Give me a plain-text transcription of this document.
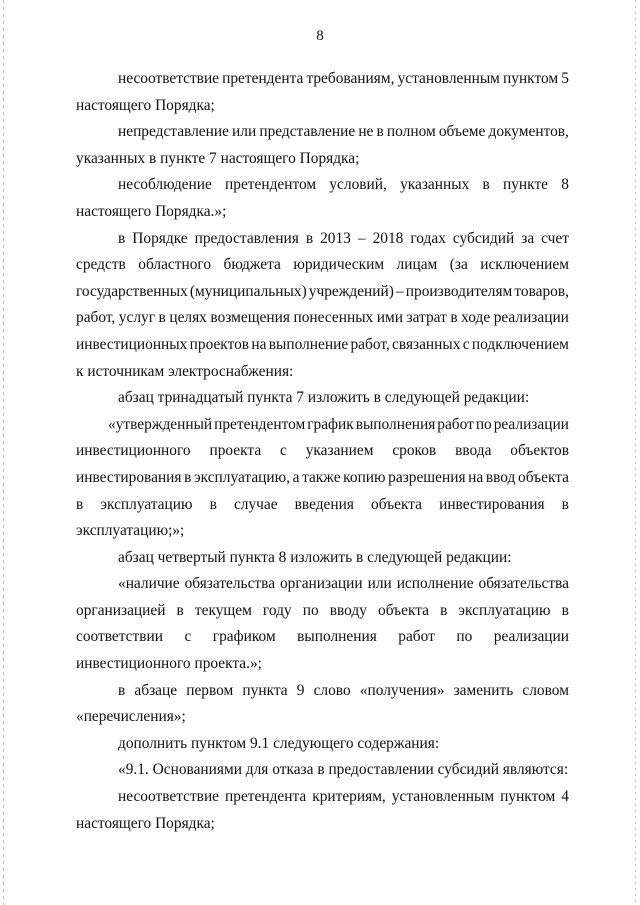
8
несоответствие претендента требованиям, установленным пунктом 5
настоящего Порядка;
непредставление или представление не в полном объеме документов,
указанных в пункте 7 настоящего Порядка;
несоблюдение претендентом условий, указанных в пункте 8
настоящего Порядка.»;
в Порядке предоставления в 2013 – 2018 годах субсидий за счет
средств областного бюджета юридическим лицам (за исключением
государственных (муниципальных) учреждений) – производителям товаров,
работ, услуг в целях возмещения понесенных ими затрат в ходе реализации
инвестиционных проектов на выполнение работ, связанных с подключением
к источникам электроснабжения:
абзац тринадцатый пункта 7 изложить в следующей редакции:
«утвержденный претендентом график выполнения работ по реализации
инвестиционного проекта с указанием сроков ввода объектов
инвестирования в эксплуатацию, а также копию разрешения на ввод объекта
в эксплуатацию в случае введения объекта инвестирования в
эксплуатацию;»;
абзац четвертый пункта 8 изложить в следующей редакции:
«наличие обязательства организации или исполнение обязательства
организацией в текущем году по вводу объекта в эксплуатацию в
соответствии с графиком выполнения работ по реализации
инвестиционного проекта.»;
в абзаце первом пункта 9 слово «получения» заменить словом
«перечисления»;
дополнить пунктом 9.1 следующего содержания:
«9.1. Основаниями для отказа в предоставлении субсидий являются:
несоответствие претендента критериям, установленным пунктом 4
настоящего Порядка;
